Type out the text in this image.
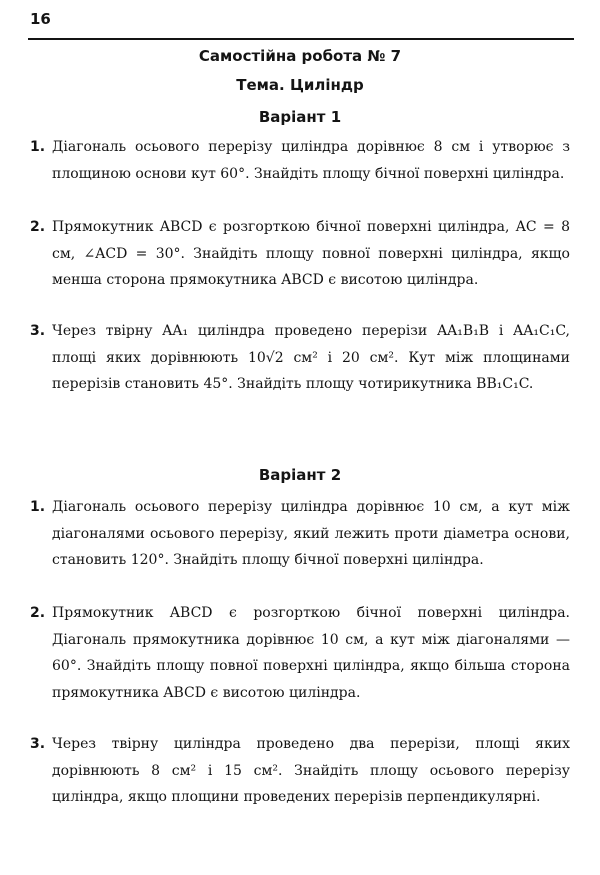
16
Самостійна робота № 7
Тема. Циліндр
Варіант 1
1. Діагональ осьового перерізу циліндра дорівнює 8 см і утворює з площиною основи кут 60°. Знайдіть площу бічної поверхні циліндра.
2. Прямокутник ABCD є розгорткою бічної поверхні циліндра, AC = 8 см, ∠ACD = 30°. Знайдіть площу повної поверхні циліндра, якщо менша сторона прямокутника ABCD є висотою циліндра.
3. Через твірну AA₁ циліндра проведено перерізи AA₁B₁B і AA₁C₁C, площі яких дорівнюють 10√2 см² і 20 см². Кут між площинами перерізів становить 45°. Знайдіть площу чотирикутника BB₁C₁C.
Варіант 2
1. Діагональ осьового перерізу циліндра дорівнює 10 см, а кут між діагоналями осьового перерізу, який лежить проти діаметра основи, становить 120°. Знайдіть площу бічної поверхні циліндра.
2. Прямокутник ABCD є розгорткою бічної поверхні циліндра. Діагональ прямокутника дорівнює 10 см, а кут між діагоналями — 60°. Знайдіть площу повної поверхні циліндра, якщо більша сторона прямокутника ABCD є висотою циліндра.
3. Через твірну циліндра проведено два перерізи, площі яких дорівнюють 8 см² і 15 см². Знайдіть площу осьового перерізу циліндра, якщо площини проведених перерізів перпендикулярні.
